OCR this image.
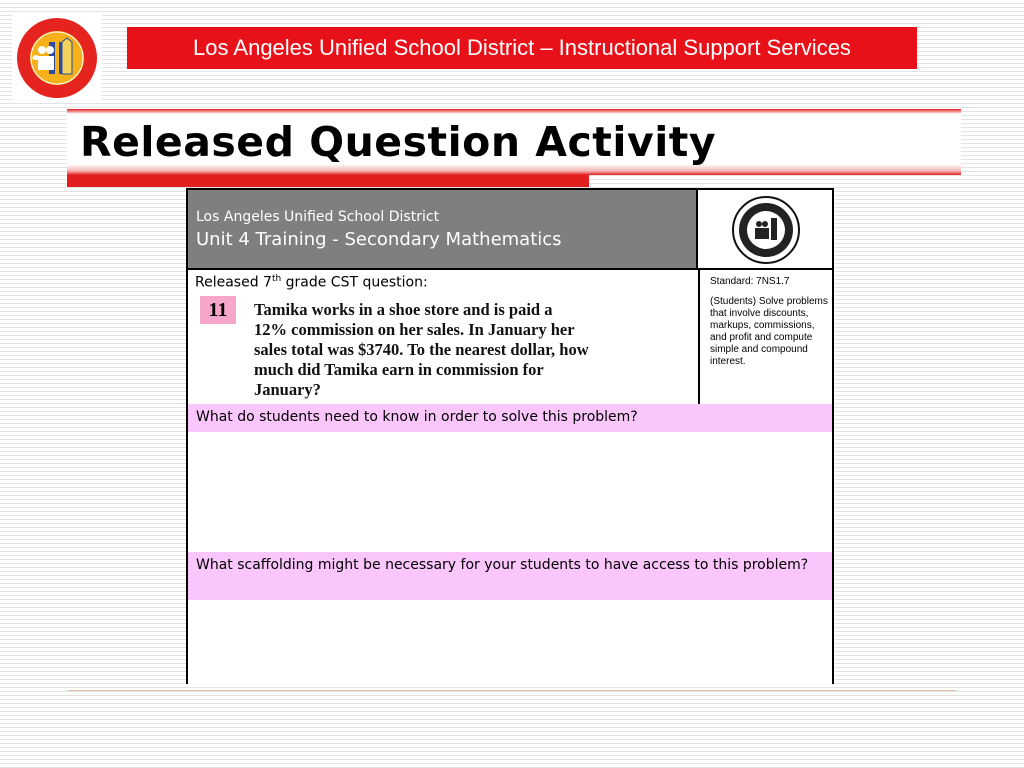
Los Angeles Unified School District – Instructional Support Services
Released Question Activity
Los Angeles Unified School District
Unit 4 Training - Secondary Mathematics
Released 7th grade CST question:
11	Tamika works in a shoe store and is paid a
12% commission on her sales. In January her
sales total was $3740. To the nearest dollar, how
much did Tamika earn in commission for
January?

Standard: 7NS1.7

(Students) Solve problems that involve discounts, markups, commissions, and profit and compute simple and compound interest.

What do students need to know in order to solve this problem?
What scaffolding might be necessary for your students to have access to this problem?
